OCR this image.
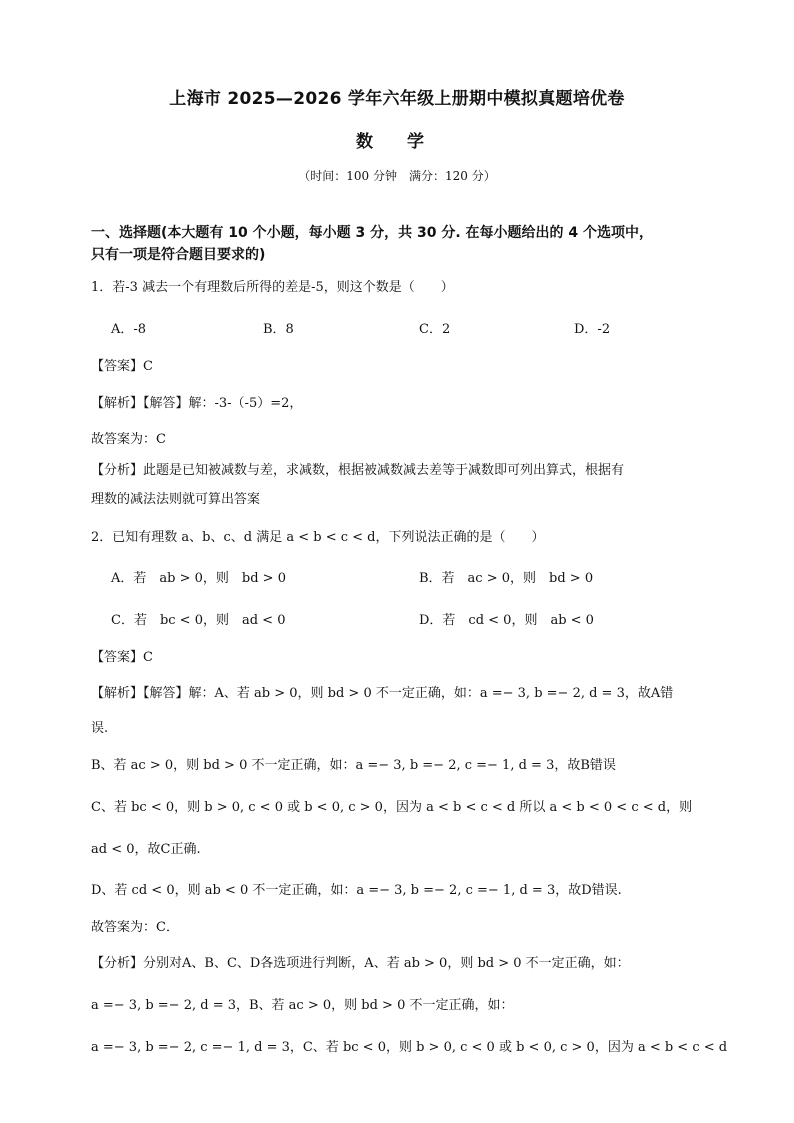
上海市 2025—2026 学年六年级上册期中模拟真题培优卷
数 学
（时间：100 分钟　满分：120 分）
一、选择题(本大题有 10 个小题，每小题 3 分，共 30 分. 在每小题给出的 4 个选项中，
只有一项是符合题目要求的)
1．若-3 减去一个有理数后所得的差是-5，则这个数是（　　）
A．-8	B．8	C．2	D．-2
【答案】C
【解析】【解答】解：-3-（-5）=2，
故答案为：C
【分析】此题是已知被减数与差，求减数，根据被减数减去差等于减数即可列出算式，根据有
理数的减法法则就可算出答案
2．已知有理数 a、b、c、d 满足 a < b < c < d，下列说法正确的是（　　）
A．若　ab > 0，则　bd > 0	B．若　ac > 0，则　bd > 0
C．若　bc < 0，则　ad < 0	D．若　cd < 0，则　ab < 0
【答案】C
【解析】【解答】解：A、若 ab > 0，则 bd > 0 不一定正确，如：a =− 3, b =− 2, d = 3，故A错
误.
B、若 ac > 0，则 bd > 0 不一定正确，如：a =− 3, b =− 2, c =− 1, d = 3，故B错误
C、若 bc < 0，则 b > 0, c < 0 或 b < 0, c > 0，因为 a < b < c < d 所以 a < b < 0 < c < d，则
ad < 0，故C正确.
D、若 cd < 0，则 ab < 0 不一定正确，如：a =− 3, b =− 2, c =− 1, d = 3，故D错误.
故答案为：C．
【分析】分别对A、B、C、D各选项进行判断，A、若 ab > 0，则 bd > 0 不一定正确，如：
a =− 3, b =− 2, d = 3，B、若 ac > 0，则 bd > 0 不一定正确，如：
a =− 3, b =− 2, c =− 1, d = 3，C、若 bc < 0，则 b > 0, c < 0 或 b < 0, c > 0，因为 a < b < c < d
